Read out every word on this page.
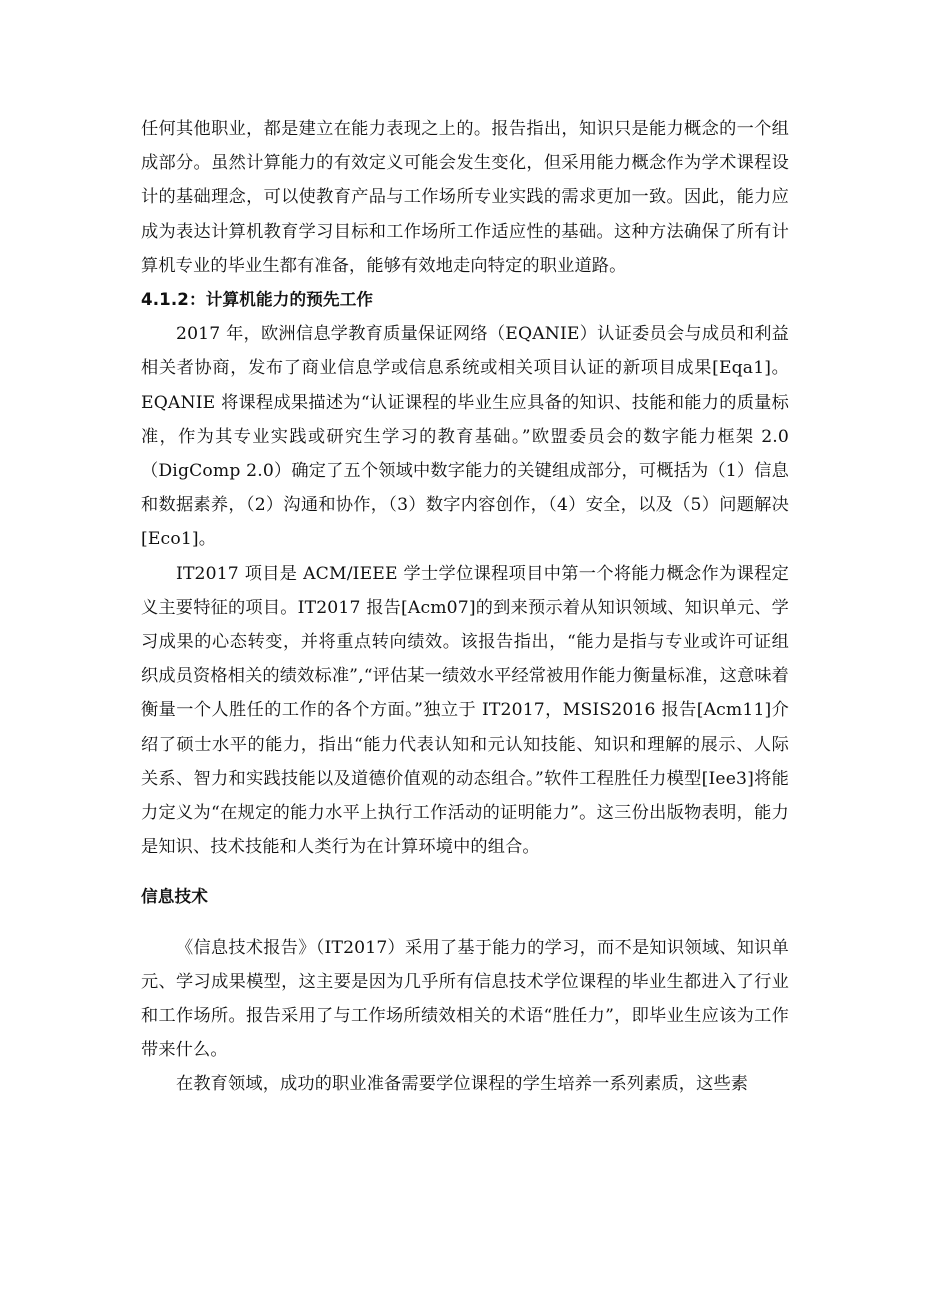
任何其他职业，都是建立在能力表现之上的。报告指出，知识只是能力概念的一个组成部分。虽然计算能力的有效定义可能会发生变化，但采用能力概念作为学术课程设计的基础理念，可以使教育产品与工作场所专业实践的需求更加一致。因此，能力应成为表达计算机教育学习目标和工作场所工作适应性的基础。这种方法确保了所有计算机专业的毕业生都有准备，能够有效地走向特定的职业道路。

4.1.2：计算机能力的预先工作

2017 年，欧洲信息学教育质量保证网络（EQANIE）认证委员会与成员和利益相关者协商，发布了商业信息学或信息系统或相关项目认证的新项目成果[Eqa1]。EQANIE 将课程成果描述为“认证课程的毕业生应具备的知识、技能和能力的质量标准，作为其专业实践或研究生学习的教育基础。”欧盟委员会的数字能力框架 2.0（DigComp 2.0）确定了五个领域中数字能力的关键组成部分，可概括为（1）信息和数据素养，（2）沟通和协作，（3）数字内容创作，（4）安全，以及（5）问题解决[Eco1]。

IT2017 项目是 ACM/IEEE 学士学位课程项目中第一个将能力概念作为课程定义主要特征的项目。IT2017 报告[Acm07]的到来预示着从知识领域、知识单元、学习成果的心态转变，并将重点转向绩效。该报告指出，“能力是指与专业或许可证组织成员资格相关的绩效标准”,“评估某一绩效水平经常被用作能力衡量标准，这意味着衡量一个人胜任的工作的各个方面。”独立于 IT2017，MSIS2016 报告[Acm11]介绍了硕士水平的能力，指出“能力代表认知和元认知技能、知识和理解的展示、人际关系、智力和实践技能以及道德价值观的动态组合。”软件工程胜任力模型[Iee3]将能力定义为“在规定的能力水平上执行工作活动的证明能力”。这三份出版物表明，能力是知识、技术技能和人类行为在计算环境中的组合。

信息技术

《信息技术报告》（IT2017）采用了基于能力的学习，而不是知识领域、知识单元、学习成果模型，这主要是因为几乎所有信息技术学位课程的毕业生都进入了行业和工作场所。报告采用了与工作场所绩效相关的术语“胜任力”，即毕业生应该为工作带来什么。

在教育领域，成功的职业准备需要学位课程的学生培养一系列素质，这些素
